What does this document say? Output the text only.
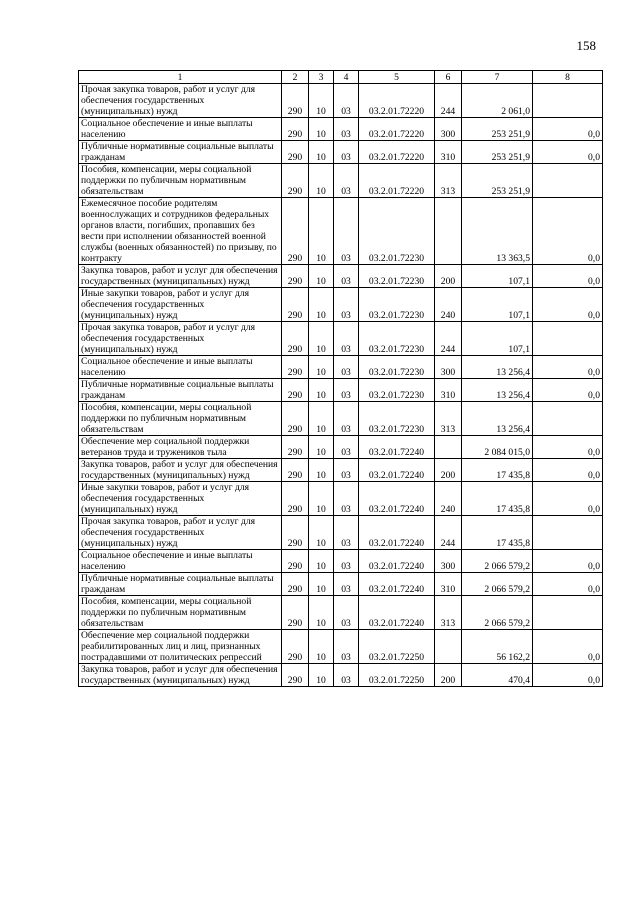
158
1	2	3	4	5	6	7	8
Прочая закупка товаров, работ и услуг для обеспечения государственных (муниципальных) нужд	290	10	03	03.2.01.72220	244	2 061,0	
Социальное обеспечение и иные выплаты населению	290	10	03	03.2.01.72220	300	253 251,9	0,0
Публичные нормативные социальные выплаты гражданам	290	10	03	03.2.01.72220	310	253 251,9	0,0
Пособия, компенсации, меры социальной поддержки по публичным нормативным обязательствам	290	10	03	03.2.01.72220	313	253 251,9	
Ежемесячное пособие родителям военнослужащих и сотрудников федеральных органов власти, погибших, пропавших без вести при исполнении обязанностей военной службы (военных обязанностей) по призыву, по контракту	290	10	03	03.2.01.72230		13 363,5	0,0
Закупка товаров, работ и услуг для обеспечения государственных (муниципальных) нужд	290	10	03	03.2.01.72230	200	107,1	0,0
Иные закупки товаров, работ и услуг для обеспечения государственных (муниципальных) нужд	290	10	03	03.2.01.72230	240	107,1	0,0
Прочая закупка товаров, работ и услуг для обеспечения государственных (муниципальных) нужд	290	10	03	03.2.01.72230	244	107,1	
Социальное обеспечение и иные выплаты населению	290	10	03	03.2.01.72230	300	13 256,4	0,0
Публичные нормативные социальные выплаты гражданам	290	10	03	03.2.01.72230	310	13 256,4	0,0
Пособия, компенсации, меры социальной поддержки по публичным нормативным обязательствам	290	10	03	03.2.01.72230	313	13 256,4	
Обеспечение мер социальной поддержки ветеранов труда и тружеников тыла	290	10	03	03.2.01.72240		2 084 015,0	0,0
Закупка товаров, работ и услуг для обеспечения государственных (муниципальных) нужд	290	10	03	03.2.01.72240	200	17 435,8	0,0
Иные закупки товаров, работ и услуг для обеспечения государственных (муниципальных) нужд	290	10	03	03.2.01.72240	240	17 435,8	0,0
Прочая закупка товаров, работ и услуг для обеспечения государственных (муниципальных) нужд	290	10	03	03.2.01.72240	244	17 435,8	
Социальное обеспечение и иные выплаты населению	290	10	03	03.2.01.72240	300	2 066 579,2	0,0
Публичные нормативные социальные выплаты гражданам	290	10	03	03.2.01.72240	310	2 066 579,2	0,0
Пособия, компенсации, меры социальной поддержки по публичным нормативным обязательствам	290	10	03	03.2.01.72240	313	2 066 579,2	
Обеспечение мер социальной поддержки реабилитированных лиц и лиц, признанных пострадавшими от политических репрессий	290	10	03	03.2.01.72250		56 162,2	0,0
Закупка товаров, работ и услуг для обеспечения государственных (муниципальных) нужд	290	10	03	03.2.01.72250	200	470,4	0,0
